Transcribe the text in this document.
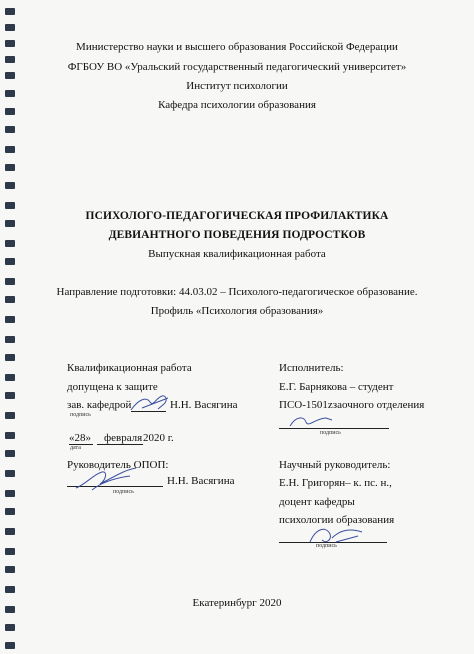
Министерство науки и высшего образования Российской Федерации
ФГБОУ ВО «Уральский государственный педагогический университет»
Институт психологии
Кафедра психологии образования
ПСИХОЛОГО-ПЕДАГОГИЧЕСКАЯ ПРОФИЛАКТИКА
ДЕВИАНТНОГО ПОВЕДЕНИЯ ПОДРОСТКОВ
Выпускная квалификационная работа
Направление подготовки: 44.03.02 – Психолого-педагогическое образование.
Профиль «Психология образования»
Квалификационная работа
допущена к защите
зав. кафедрой	Н.Н. Васягина
подпись
«28» февраля 2020 г.
дата
Руководитель ОПОП:
Н.Н. Васягина
подпись
Исполнитель:
Е.Г. Барнякова – студент
ПСО-1501zзаочного отделения
подпись
Научный руководитель:
Е.Н. Григорян– к. пс. н.,
доцент кафедры
психологии образования
подпись
Екатеринбург 2020
